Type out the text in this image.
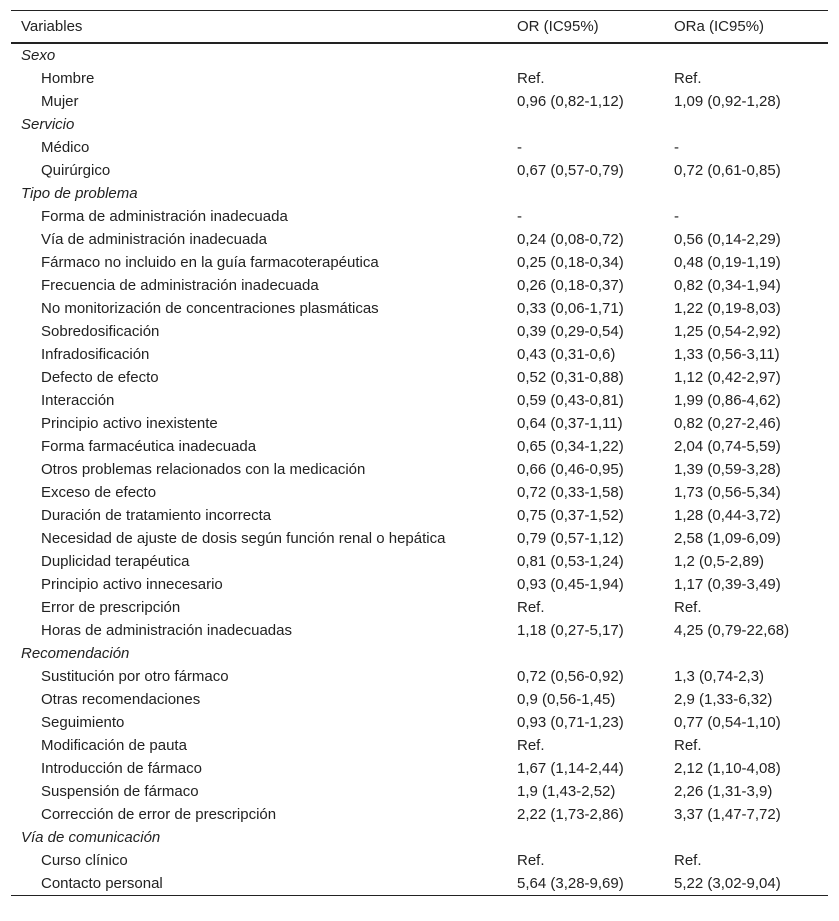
Variables	OR (IC95%)	ORa (IC95%)
Sexo		
Hombre	Ref.	Ref.
Mujer	0,96 (0,82-1,12)	1,09 (0,92-1,28)
Servicio		
Médico	-	-
Quirúrgico	0,67 (0,57-0,79)	0,72 (0,61-0,85)
Tipo de problema		
Forma de administración inadecuada	-	-
Vía de administración inadecuada	0,24 (0,08-0,72)	0,56 (0,14-2,29)
Fármaco no incluido en la guía farmacoterapéutica	0,25 (0,18-0,34)	0,48 (0,19-1,19)
Frecuencia de administración inadecuada	0,26 (0,18-0,37)	0,82 (0,34-1,94)
No monitorización de concentraciones plasmáticas	0,33 (0,06-1,71)	1,22 (0,19-8,03)
Sobredosificación	0,39 (0,29-0,54)	1,25 (0,54-2,92)
Infradosificación	0,43 (0,31-0,6)	1,33 (0,56-3,11)
Defecto de efecto	0,52 (0,31-0,88)	1,12 (0,42-2,97)
Interacción	0,59 (0,43-0,81)	1,99 (0,86-4,62)
Principio activo inexistente	0,64 (0,37-1,11)	0,82 (0,27-2,46)
Forma farmacéutica inadecuada	0,65 (0,34-1,22)	2,04 (0,74-5,59)
Otros problemas relacionados con la medicación	0,66 (0,46-0,95)	1,39 (0,59-3,28)
Exceso de efecto	0,72 (0,33-1,58)	1,73 (0,56-5,34)
Duración de tratamiento incorrecta	0,75 (0,37-1,52)	1,28 (0,44-3,72)
Necesidad de ajuste de dosis según función renal o hepática	0,79 (0,57-1,12)	2,58 (1,09-6,09)
Duplicidad terapéutica	0,81 (0,53-1,24)	1,2 (0,5-2,89)
Principio activo innecesario	0,93 (0,45-1,94)	1,17 (0,39-3,49)
Error de prescripción	Ref.	Ref.
Horas de administración inadecuadas	1,18 (0,27-5,17)	4,25 (0,79-22,68)
Recomendación		
Sustitución por otro fármaco	0,72 (0,56-0,92)	1,3 (0,74-2,3)
Otras recomendaciones	0,9 (0,56-1,45)	2,9 (1,33-6,32)
Seguimiento	0,93 (0,71-1,23)	0,77 (0,54-1,10)
Modificación de pauta	Ref.	Ref.
Introducción de fármaco	1,67 (1,14-2,44)	2,12 (1,10-4,08)
Suspensión de fármaco	1,9 (1,43-2,52)	2,26 (1,31-3,9)
Corrección de error de prescripción	2,22 (1,73-2,86)	3,37 (1,47-7,72)
Vía de comunicación		
Curso clínico	Ref.	Ref.
Contacto personal	5,64 (3,28-9,69)	5,22 (3,02-9,04)
